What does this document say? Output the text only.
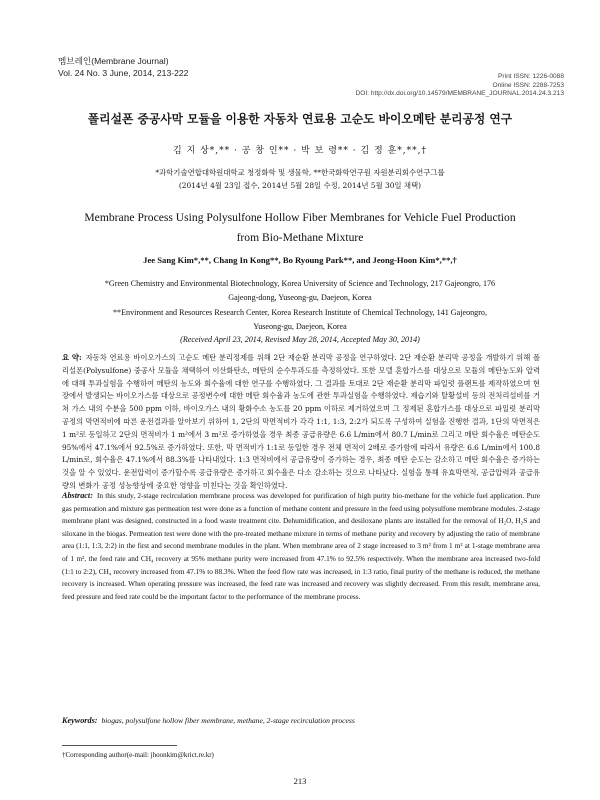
멤브레인(Membrane Journal)
Vol. 24 No. 3 June, 2014, 213-222	Print ISSN: 1226-0088
Online ISSN: 2288-7253
DOI: http://dx.doi.org/10.14579/MEMBRANE_JOURNAL.2014.24.3.213
폴리설폰 중공사막 모듈을 이용한 자동차 연료용 고순도 바이오메탄 분리공정 연구
김 지 상*,** · 공 창 인** · 박 보 령** · 김 정 훈*,**,†
*과학기술연합대학원대학교 청정화학 및 생물학, **한국화학연구원 자원분리회수연구그룹
(2014년 4월 23일 접수, 2014년 5월 28일 수정, 2014년 5월 30일 채택)
Membrane Process Using Polysulfone Hollow Fiber Membranes for Vehicle Fuel Production
from Bio-Methane Mixture
Jee Sang Kim*,**, Chang In Kong**, Bo Ryoung Park**, and Jeong-Hoon Kim*,**,†
*Green Chemistry and Environmental Biotechnology, Korea University of Science and Technology, 217 Gajeongro, 176
Gajeong-dong, Yuseong-gu, Daejeon, Korea
**Environment and Resources Research Center, Korea Research Institute of Chemical Technology, 141 Gajeongro,
Yuseong-gu, Daejeon, Korea
(Received April 23, 2014, Revised May 28, 2014, Accepted May 30, 2014)
요 약: 자동차 연료용 바이오가스의 고순도 메탄 분리정제를 위해 2단 재순환 분리막 공정을 연구하였다. 2단 재순환 분리막 공정을 개발하기 위해 폴리설폰(Polysulfone) 중공사 모듈을 채택하여 이산화탄소, 메탄의 순수투과도를 측정하였다. 또한 모델 혼합가스를 대상으로 모듈의 메탄농도와 압력에 대해 투과실험을 수행하여 메탄의 농도와 회수율에 대한 연구를 수행하였다. 그 결과를 토대로 2단 재순환 분리막 파일럿 플랜트를 제작하였으며 현장에서 발생되는 바이오가스를 대상으로 공정변수에 대한 메탄 회수율과 농도에 관한 투과실험을 수행하였다. 제습기와 탈황설비 등의 전처리설비를 거쳐 가스 내의 수분을 500 ppm 이하, 바이오가스 내의 황화수소 농도를 20 ppm 이하로 제거하였으며 그 정제된 혼합가스를 대상으로 파일럿 분리막 공정의 막면적비에 따른 운전결과를 알아보기 위하여 1, 2단의 막면적비가 각각 1:1, 1:3, 2:2가 되도록 구성하여 실험을 진행한 결과, 1단의 막면적은 1 m²로 동일하고 2단의 면적비가 1 m²에서 3 m²로 증가하였을 경우 최종 공급유량은 6.6 L/min에서 80.7 L/min로 그리고 메탄 회수율은 메탄순도 95%에서 47.1%에서 92.5%로 증가하였다. 또한, 막 면적비가 1:1로 동일한 경우 전체 면적이 2배로 증가함에 따라서 유량은 6.6 L/min에서 100.8 L/min로, 회수율은 47.1%에서 88.3%를 나타내었다. 1:3 면적비에서 공급유량이 증가하는 경우, 최종 메탄 순도는 감소하고 메탄 회수율은 증가하는 것을 알 수 있었다. 운전압력이 증가할수록 공급유량은 증가하고 회수율은 다소 감소하는 것으로 나타났다. 실험을 통해 유효막면적, 공급압력과 공급유량의 변화가 공정 성능향상에 중요한 영향을 미친다는 것을 확인하였다.
Abstract: In this study, 2-stage recirculation membrane process was developed for purification of high purity bio-methane for the vehicle fuel application. Pure gas permeation and mixture gas permeation test were done as a function of methane content and pressure in the feed using polysulfone membrane modules. 2-stage membrane plant was designed, constructed in a food waste treatment cite. Dehumidification, and desiloxane plants are installed for the removal of H₂O, H₂S and siloxane in the biogas. Permeation test were done with the pre-treated methane mixture in terms of methane purity and recovery by adjusting the ratio of membrane area (1:1, 1:3, 2:2) in the first and second membrane modules in the plant. When membrane area of 2 stage increased to 3 m² from 1 m² at 1-stage membrane area of 1 m², the feed rate and CH₄ recovery at 95% methane purity were increased from 47.1% to 92.5% respectively. When the membrane area increased two-fold (1:1 to 2:2), CH₄ recovery increased from 47.1% to 88.3%. When the feed flow rate was increased, in 1:3 ratio, final purity of the methane is reduced, the methane recovery is increased. When operating pressure was increased, the feed rate was increased and recovery was slightly decreased. From this result, membrane area, feed pressure and feed rate could be the important factor to the performance of the membrane process.
Keywords: biogas, polysulfone hollow fiber membrane, methane, 2-stage recirculation process
†Corresponding author(e-mail: jhoonkim@krict.re.kr)
213
